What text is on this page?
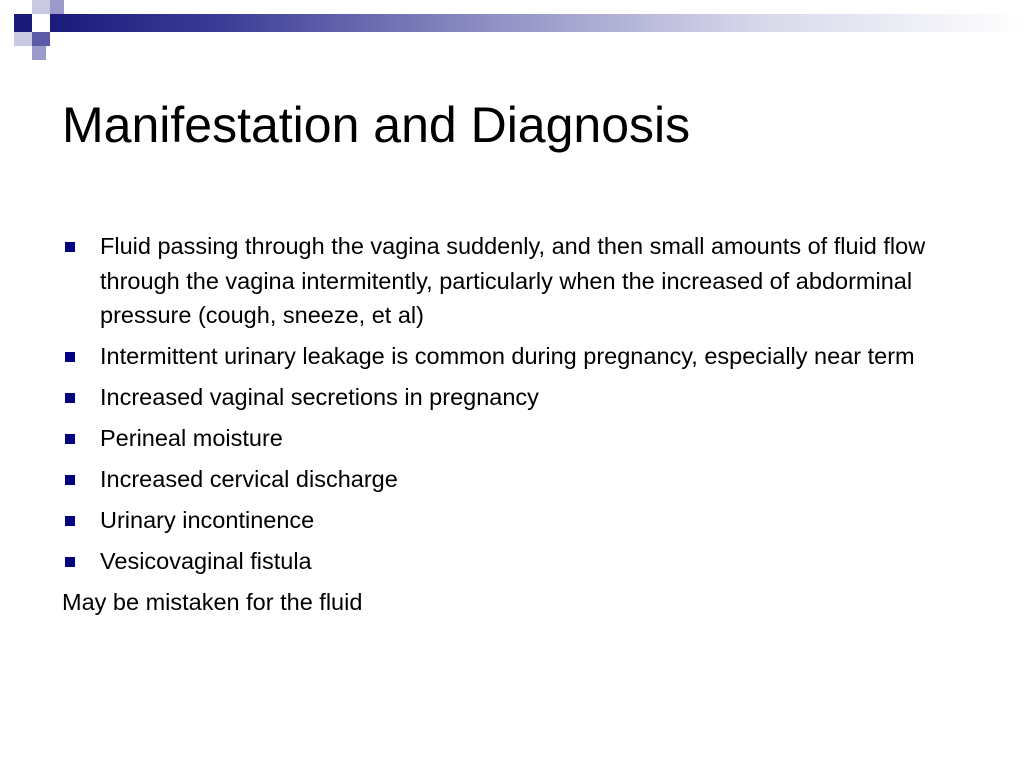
Manifestation and Diagnosis
Fluid passing through the vagina suddenly, and then small amounts of fluid flow through the vagina intermitently, particularly when the increased of abdorminal pressure (cough, sneeze, et al)
Intermittent urinary leakage is common during pregnancy, especially near term
Increased vaginal secretions in pregnancy
Perineal moisture
Increased cervical discharge
Urinary incontinence
Vesicovaginal fistula

May be mistaken for the fluid
